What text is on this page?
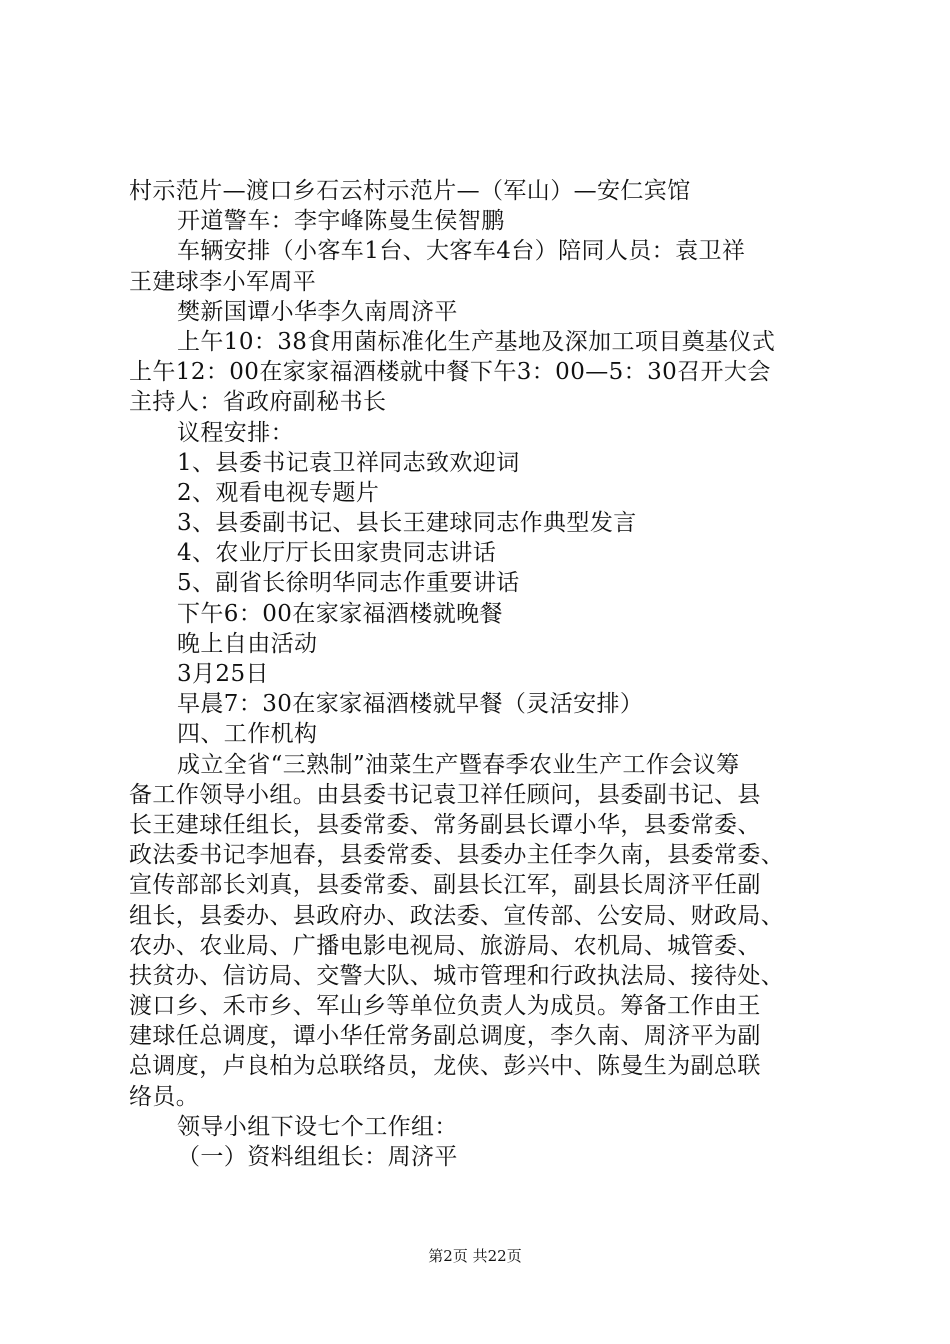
村示范片—渡口乡石云村示范片—（军山）—安仁宾馆
开道警车：李宇峰陈曼生侯智鹏
车辆安排（小客车1台、大客车4台）陪同人员：袁卫祥
王建球李小军周平
樊新国谭小华李久南周济平
上午10：38食用菌标准化生产基地及深加工项目奠基仪式
上午12：00在家家福酒楼就中餐下午3：00—5：30召开大会
主持人：省政府副秘书长
议程安排：
1、县委书记袁卫祥同志致欢迎词
2、观看电视专题片
3、县委副书记、县长王建球同志作典型发言
4、农业厅厅长田家贵同志讲话
5、副省长徐明华同志作重要讲话
下午6：00在家家福酒楼就晚餐
晚上自由活动
3月25日
早晨7：30在家家福酒楼就早餐（灵活安排）
四、工作机构
成立全省“三熟制”油菜生产暨春季农业生产工作会议筹
备工作领导小组。由县委书记袁卫祥任顾问，县委副书记、县
长王建球任组长，县委常委、常务副县长谭小华，县委常委、
政法委书记李旭春，县委常委、县委办主任李久南，县委常委、
宣传部部长刘真，县委常委、副县长江军，副县长周济平任副
组长，县委办、县政府办、政法委、宣传部、公安局、财政局、
农办、农业局、广播电影电视局、旅游局、农机局、城管委、
扶贫办、信访局、交警大队、城市管理和行政执法局、接待处、
渡口乡、禾市乡、军山乡等单位负责人为成员。筹备工作由王
建球任总调度，谭小华任常务副总调度，李久南、周济平为副
总调度，卢良柏为总联络员，龙侠、彭兴中、陈曼生为副总联
络员。
领导小组下设七个工作组：
（一）资料组组长：周济平
第2页 共22页
